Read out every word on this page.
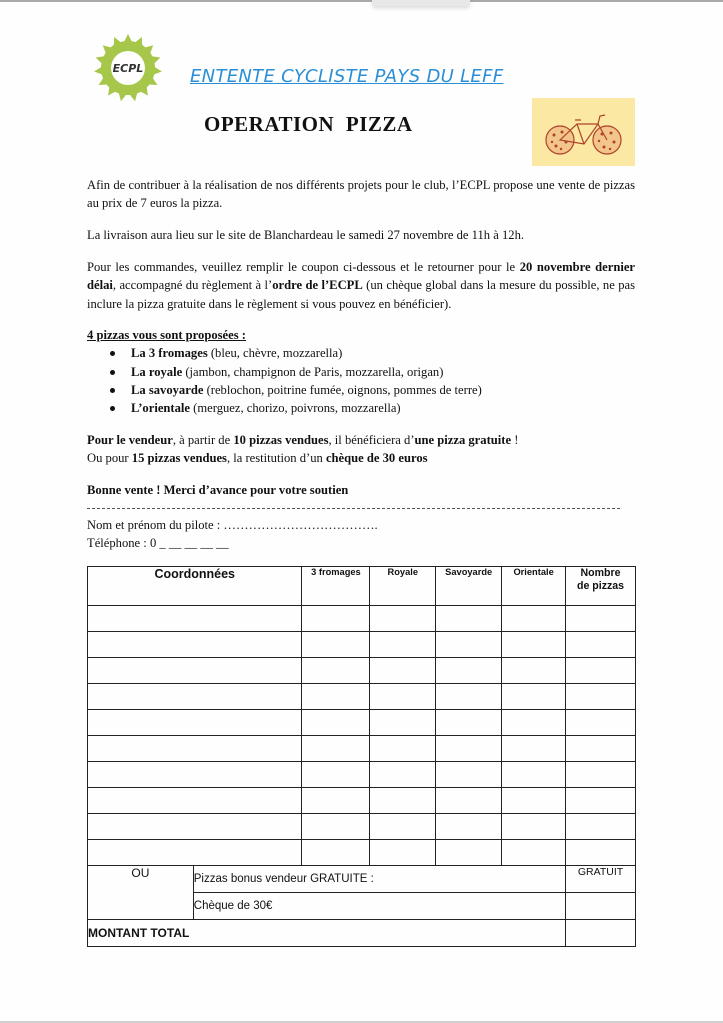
ECPL	ENTENTE CYCLISTE PAYS DU LEFF
OPERATION PIZZA
Afin de contribuer à la réalisation de nos différents projets pour le club, l’ECPL propose une vente de pizzas au prix de 7 euros la pizza.
La livraison aura lieu sur le site de Blanchardeau le samedi 27 novembre de 11h à 12h.
Pour les commandes, veuillez remplir le coupon ci-dessous et le retourner pour le 20 novembre dernier délai, accompagné du règlement à l’ordre de l’ECPL (un chèque global dans la mesure du possible, ne pas inclure la pizza gratuite dans le règlement si vous pouvez en bénéficier).
4 pizzas vous sont proposées :
La 3 fromages (bleu, chèvre, mozzarella)
La royale (jambon, champignon de Paris, mozzarella, origan)
La savoyarde (reblochon, poitrine fumée, oignons, pommes de terre)
L’orientale (merguez, chorizo, poivrons, mozzarella)
Pour le vendeur, à partir de 10 pizzas vendues, il bénéficiera d’une pizza gratuite !
Ou pour 15 pizzas vendues, la restitution d’un chèque de 30 euros
Bonne vente ! Merci d’avance pour votre soutien
Nom et prénom du pilote : ……………………………….
Téléphone : 0 _ __ __ __ __
Coordonnées		3 fromages	Royale	Savoyarde	Orientale	Nombre
de pizzas

OU	Pizzas bonus vendeur GRATUITE :					GRATUIT
	Chèque de 30€					
MONTANT TOTAL						
